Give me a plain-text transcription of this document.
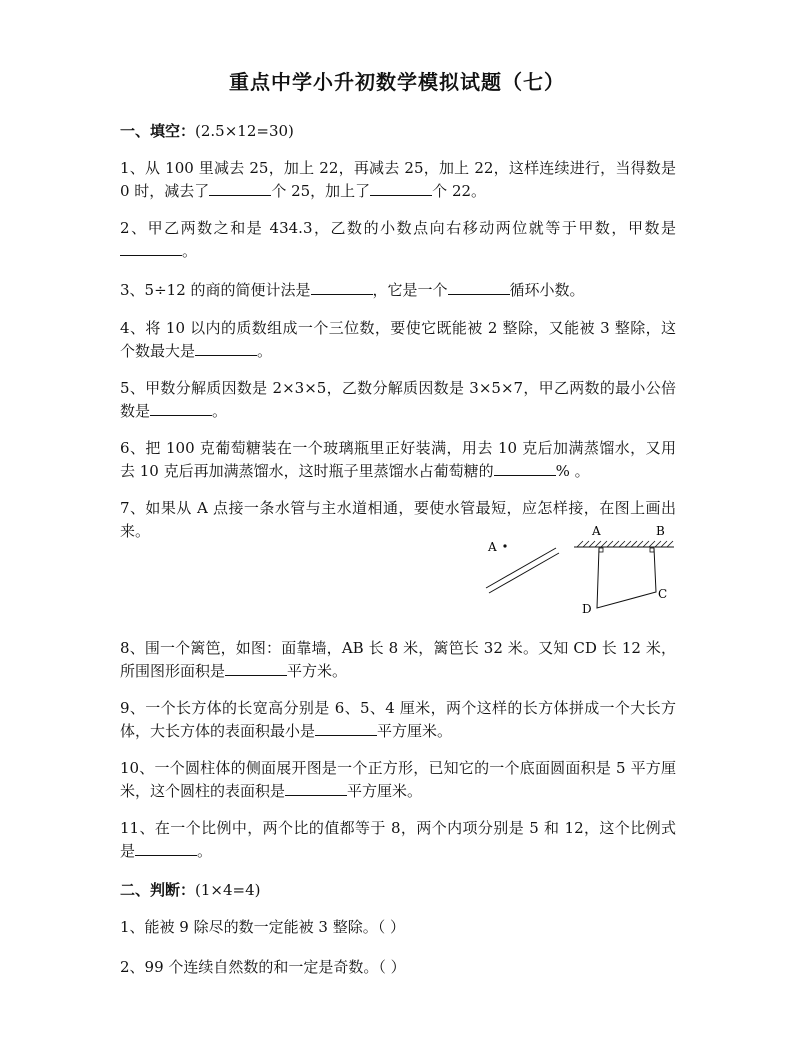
重点中学小升初数学模拟试题（七）
一、填空：(2.5×12=30)
1、从 100 里减去 25，加上 22，再减去 25，加上 22，这样连续进行，当得数是 0 时，减去了	个 25，加上了	个 22。
2、甲乙两数之和是 434.3，乙数的小数点向右移动两位就等于甲数，甲数是。
3、5÷12 的商的简便计法是	，它是一个	循环小数。
4、将 10 以内的质数组成一个三位数，要使它既能被 2 整除，又能被 3 整除，这个数最大是	。
5、甲数分解质因数是 2×3×5，乙数分解质因数是 3×5×7，甲乙两数的最小公倍数是	。
6、把 100 克葡萄糖装在一个玻璃瓶里正好装满，用去 10 克后加满蒸馏水，又用去 10 克后再加满蒸馏水，这时瓶子里蒸馏水占葡萄糖的	% 。
7、如果从 A 点接一条水管与主水道相通，要使水管最短，应怎样接，在图上画出来。
A
A	B
C
D
8、围一个篱笆，如图：面靠墙，AB 长 8 米，篱笆长 32 米。又知 CD 长 12 米，所围图形面积是	平方米。
9、一个长方体的长宽高分别是 6、5、4 厘米，两个这样的长方体拼成一个大长方体，大长方体的表面积最小是	平方厘米。
10、一个圆柱体的侧面展开图是一个正方形，已知它的一个底面圆面积是 5 平方厘米，这个圆柱的表面积是	平方厘米。
11、在一个比例中，两个比的值都等于 8，两个内项分别是 5 和 12，这个比例式是	。
二、判断：(1×4=4)
1、能被 9 除尽的数一定能被 3 整除。（ ）
2、99 个连续自然数的和一定是奇数。（ ）
